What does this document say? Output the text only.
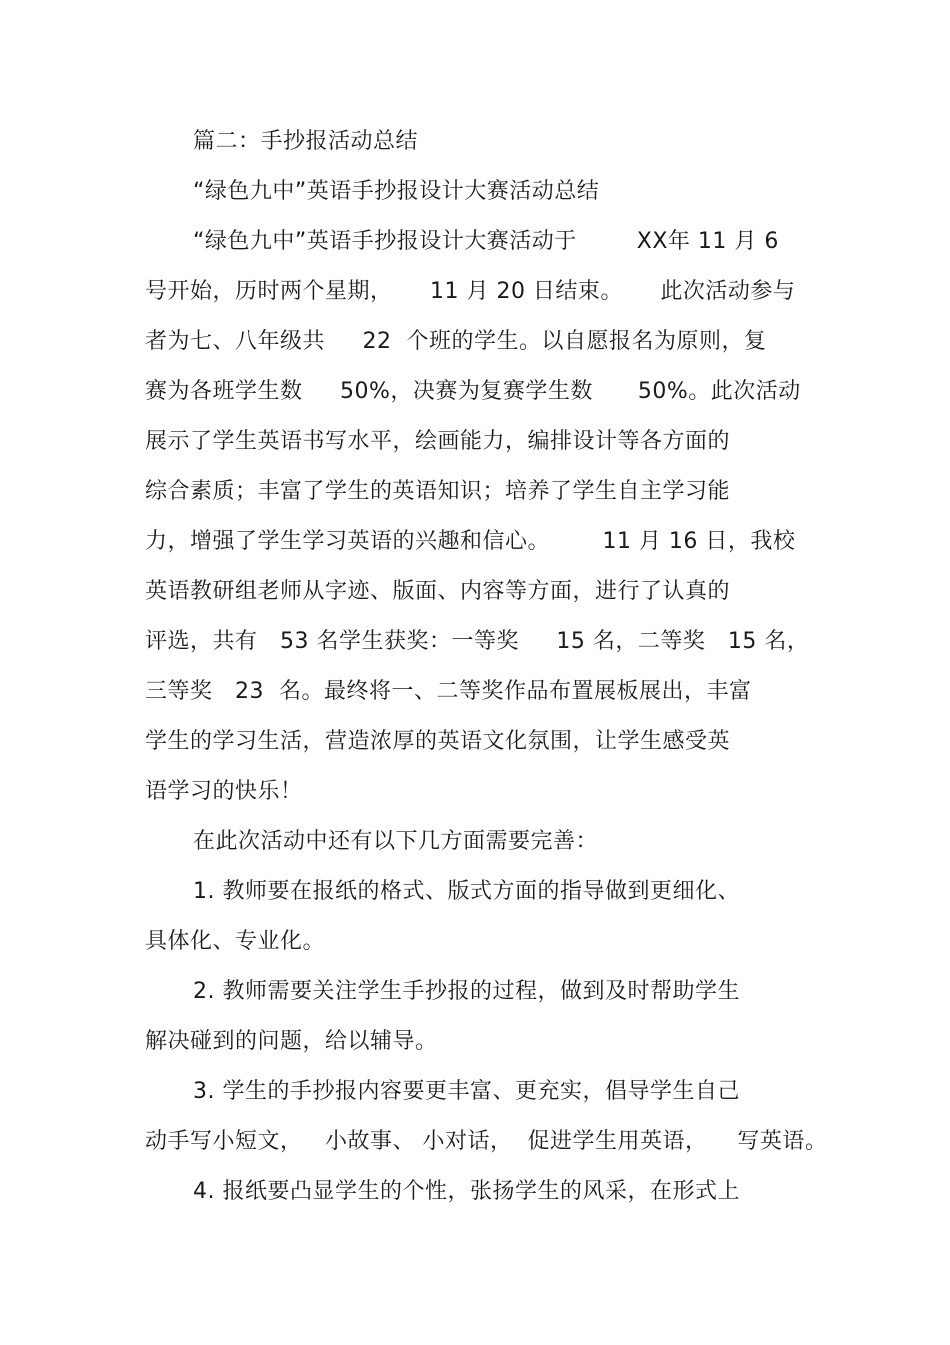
篇二：手抄报活动总结
“绿色九中”英语手抄报设计大赛活动总结
“绿色九中”英语手抄报设计大赛活动于        XX年 11 月 6
号开始，历时两个星期，     11 月 20 日结束。     此次活动参与
者为七、八年级共     22  个班的学生。以自愿报名为原则，复
赛为各班学生数     50%，决赛为复赛学生数      50%。此次活动
展示了学生英语书写水平，绘画能力，编排设计等各方面的
综合素质；丰富了学生的英语知识；培养了学生自主学习能
力，增强了学生学习英语的兴趣和信心。       11 月 16 日，我校
英语教研组老师从字迹、版面、内容等方面，进行了认真的
评选，共有   53 名学生获奖：一等奖     15 名，二等奖   15 名，
三等奖   23  名。最终将一、二等奖作品布置展板展出，丰富
学生的学习生活，营造浓厚的英语文化氛围，让学生感受英
语学习的快乐！
在此次活动中还有以下几方面需要完善：
1. 教师要在报纸的格式、版式方面的指导做到更细化、
具体化、专业化。
2. 教师需要关注学生手抄报的过程，做到及时帮助学生
解决碰到的问题，给以辅导。
3. 学生的手抄报内容要更丰富、更充实，倡导学生自己
动手写小短文，   小故事、 小对话，  促进学生用英语，    写英语。
4. 报纸要凸显学生的个性，张扬学生的风采，在形式上
